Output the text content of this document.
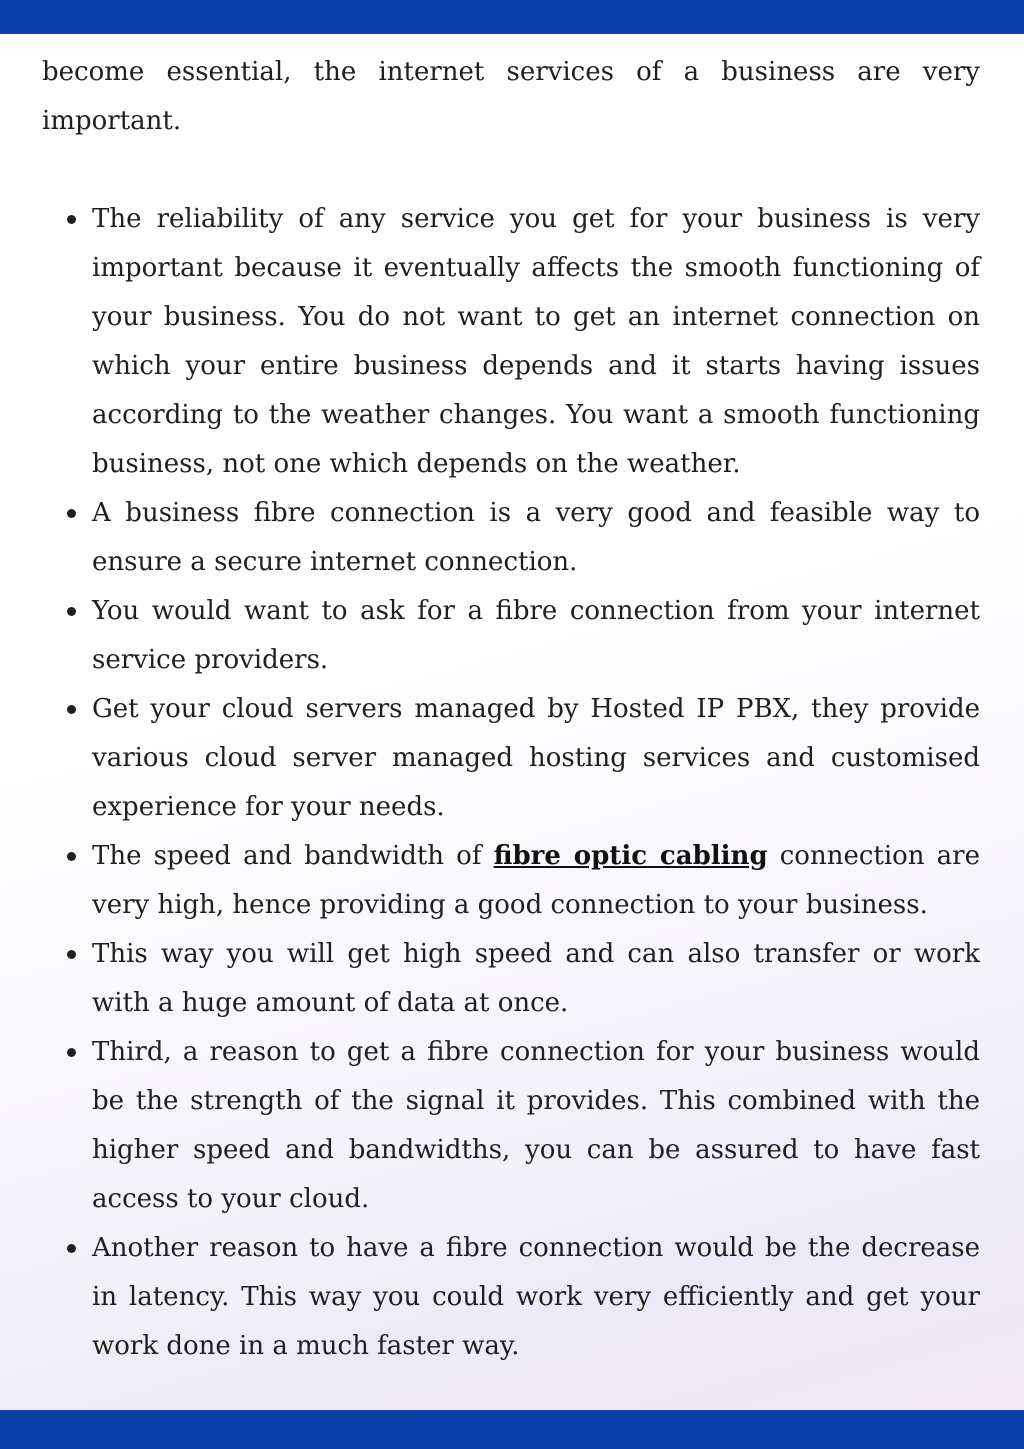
become essential, the internet services of a business are very important.

The reliability of any service you get for your business is very important because it eventually affects the smooth functioning of your business. You do not want to get an internet connection on which your entire business depends and it starts having issues according to the weather changes. You want a smooth functioning business, not one which depends on the weather.
A business fibre connection is a very good and feasible way to ensure a secure internet connection.
You would want to ask for a fibre connection from your internet service providers.
Get your cloud servers managed by Hosted IP PBX, they provide various cloud server managed hosting services and customised experience for your needs.
The speed and bandwidth of fibre optic cabling connection are very high, hence providing a good connection to your business.
This way you will get high speed and can also transfer or work with a huge amount of data at once.
Third, a reason to get a fibre connection for your business would be the strength of the signal it provides. This combined with the higher speed and bandwidths, you can be assured to have fast access to your cloud.
Another reason to have a fibre connection would be the decrease in latency. This way you could work very efficiently and get your work done in a much faster way.
